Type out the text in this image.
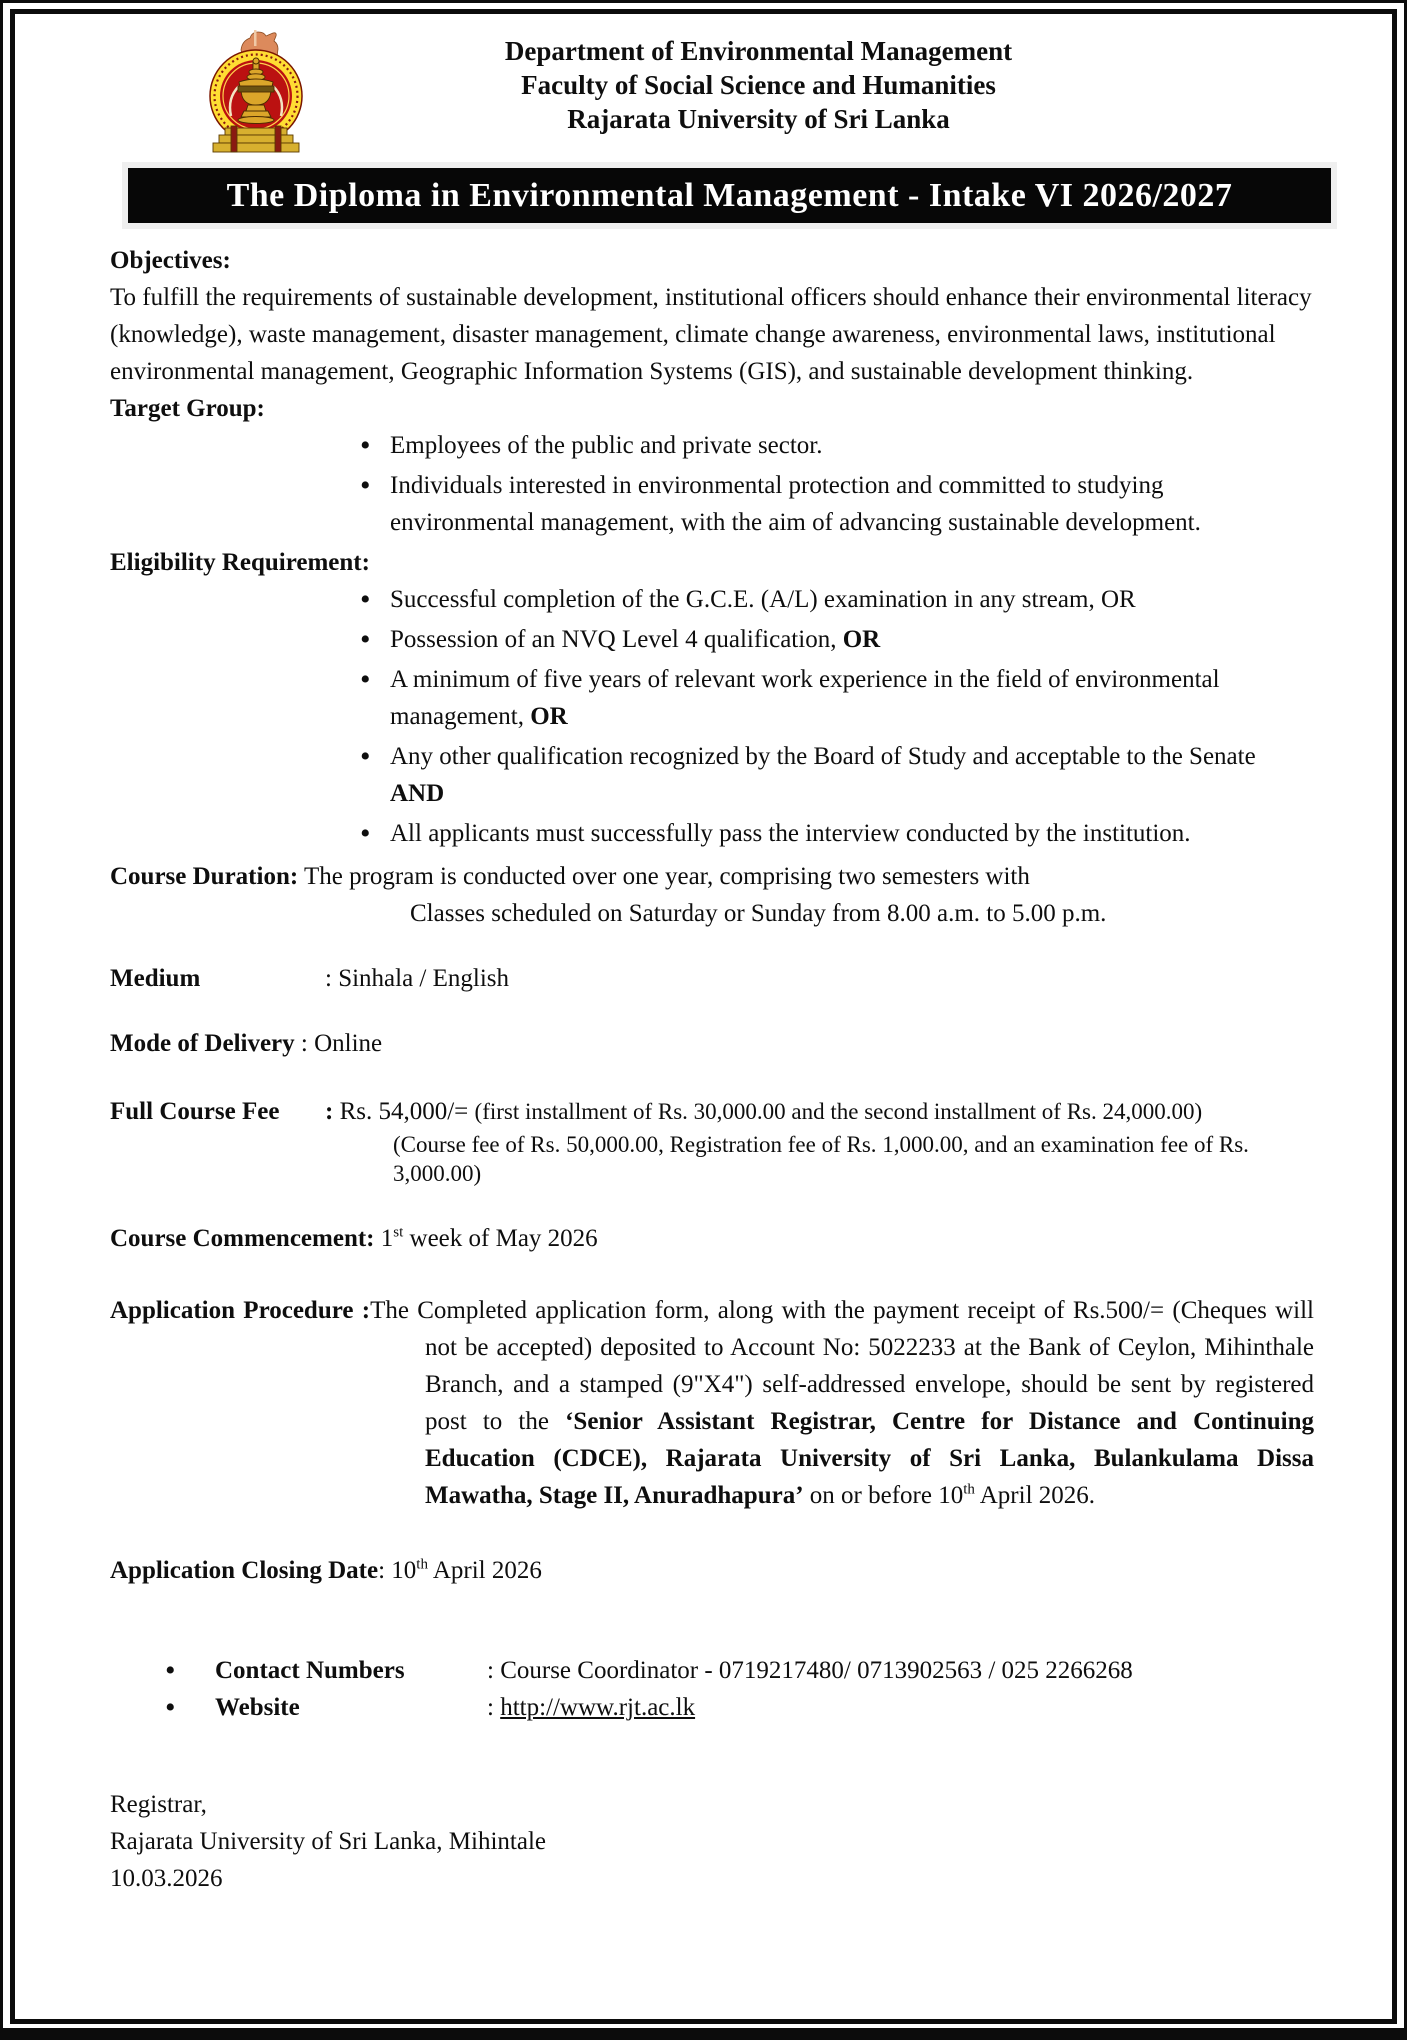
Department of Environmental Management
Faculty of Social Science and Humanities
Rajarata University of Sri Lanka
The Diploma in Environmental Management - Intake VI 2026/2027
Objectives:

To fulfill the requirements of sustainable development, institutional officers should enhance their environmental literacy (knowledge), waste management, disaster management, climate change awareness, environmental laws, institutional environmental management, Geographic Information Systems (GIS), and sustainable development thinking.

Target Group:
• Employees of the public and private sector.
• Individuals interested in environmental protection and committed to studying environmental management, with the aim of advancing sustainable development.
Eligibility Requirement:
• Successful completion of the G.C.E. (A/L) examination in any stream, OR
• Possession of an NVQ Level 4 qualification, OR
• A minimum of five years of relevant work experience in the field of environmental management, OR
• Any other qualification recognized by the Board of Study and acceptable to the Senate AND
• All applicants must successfully pass the interview conducted by the institution.
Course Duration: The program is conducted over one year, comprising two semesters with
Classes scheduled on Saturday or Sunday from 8.00 a.m. to 5.00 p.m.
Medium	: Sinhala / English
Mode of Delivery : Online
Full Course Fee : Rs. 54,000/= (first installment of Rs. 30,000.00 and the second installment of Rs. 24,000.00)
(Course fee of Rs. 50,000.00, Registration fee of Rs. 1,000.00, and an examination fee of Rs. 3,000.00)
Course Commencement: 1st week of May 2026
Application Procedure :The Completed application form, along with the payment receipt of Rs.500/= (Cheques will not be accepted) deposited to Account No: 5022233 at the Bank of Ceylon, Mihinthale Branch, and a stamped (9"X4") self-addressed envelope, should be sent by registered post to the ‘Senior Assistant Registrar, Centre for Distance and Continuing Education (CDCE), Rajarata University of Sri Lanka, Bulankulama Dissa Mawatha, Stage II, Anuradhapura’ on or before 10th April 2026.
Application Closing Date: 10th April 2026
• Contact Numbers	: Course Coordinator - 0719217480/ 0713902563 / 025 2266268
• Website	: http://www.rjt.ac.lk
Registrar,
Rajarata University of Sri Lanka, Mihintale
10.03.2026
